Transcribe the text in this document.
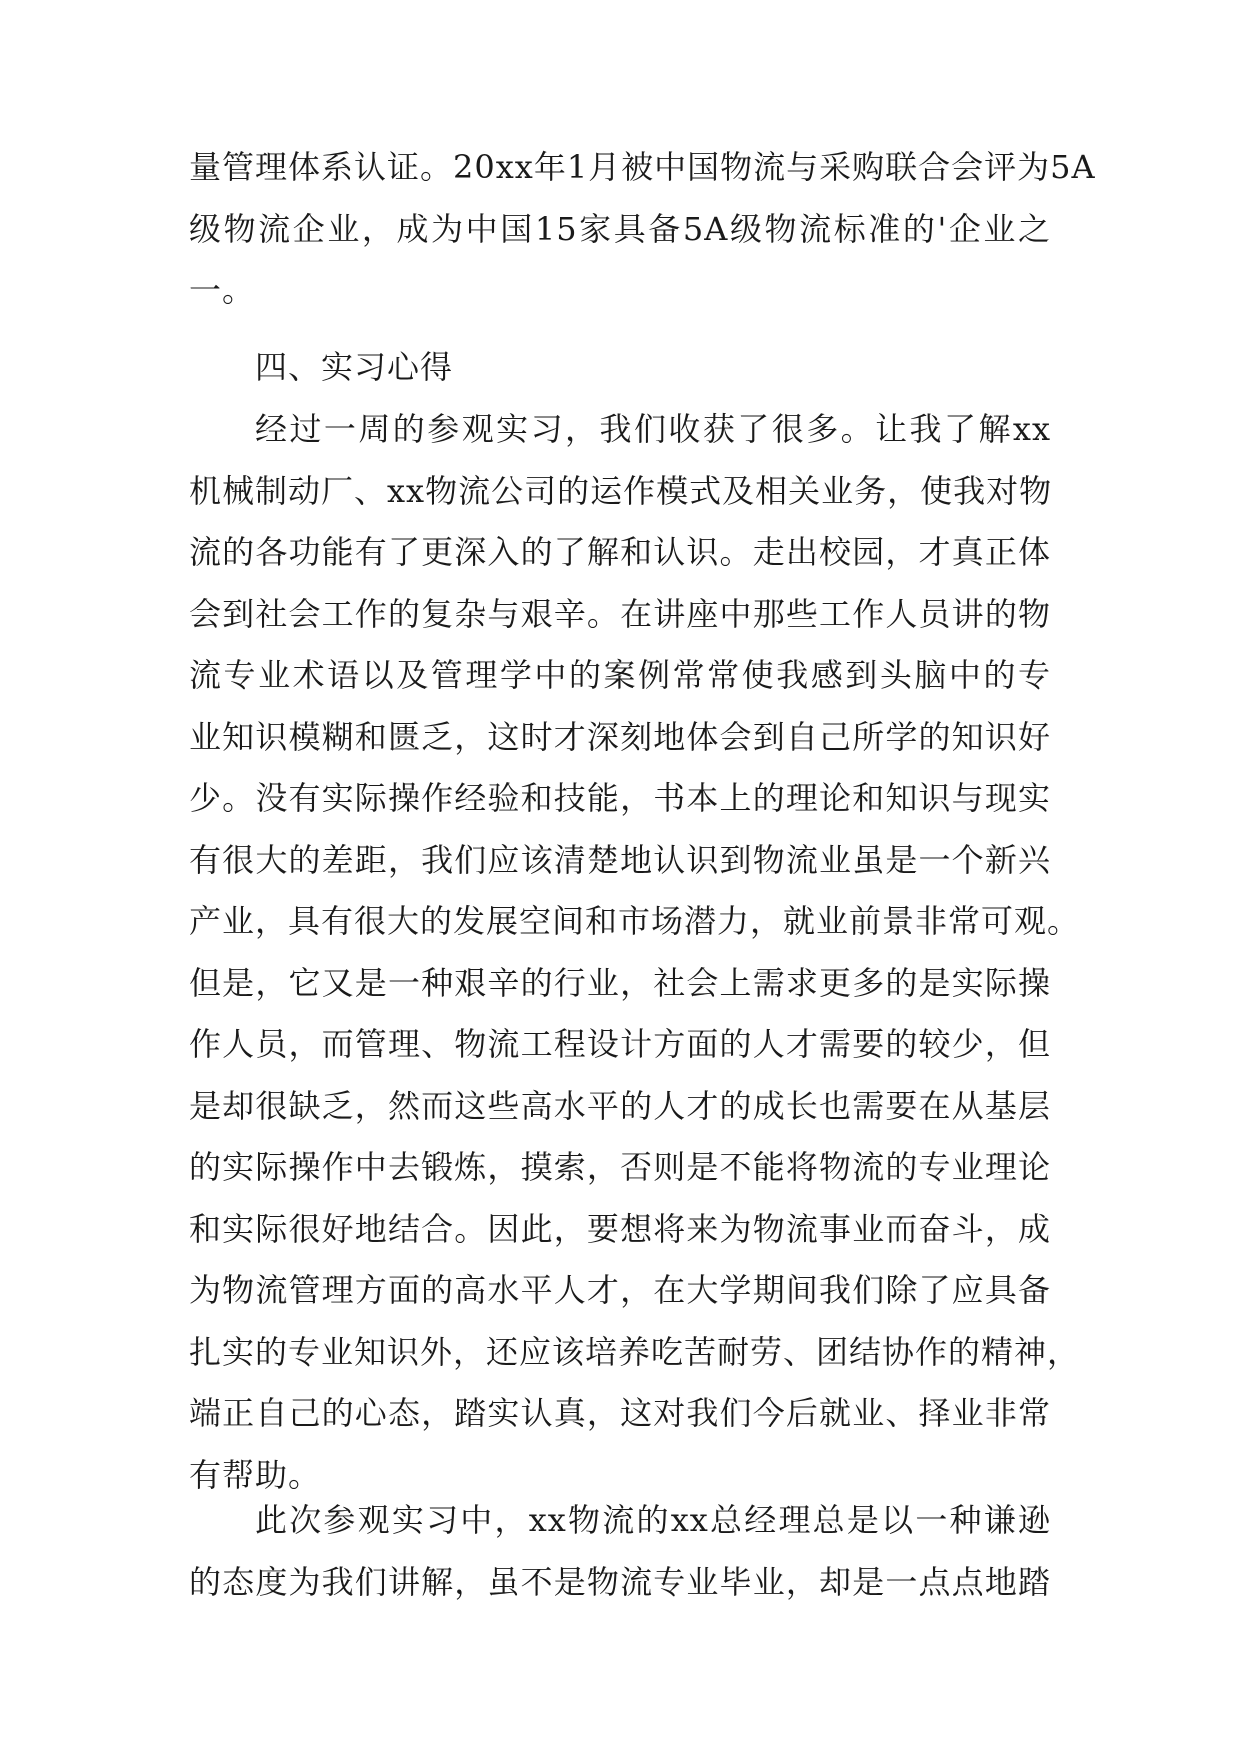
量管理体系认证。20xx年1月被中国物流与采购联合会评为5A
级物流企业，成为中国15家具备5A级物流标准的'企业之
一。
四、实习心得
经过一周的参观实习，我们收获了很多。让我了解xx
机械制动厂、xx物流公司的运作模式及相关业务，使我对物
流的各功能有了更深入的了解和认识。走出校园，才真正体
会到社会工作的复杂与艰辛。在讲座中那些工作人员讲的物
流专业术语以及管理学中的案例常常使我感到头脑中的专
业知识模糊和匮乏，这时才深刻地体会到自己所学的知识好
少。没有实际操作经验和技能，书本上的理论和知识与现实
有很大的差距，我们应该清楚地认识到物流业虽是一个新兴
产业，具有很大的发展空间和市场潜力，就业前景非常可观。
但是，它又是一种艰辛的行业，社会上需求更多的是实际操
作人员，而管理、物流工程设计方面的人才需要的较少，但
是却很缺乏，然而这些高水平的人才的成长也需要在从基层
的实际操作中去锻炼，摸索，否则是不能将物流的专业理论
和实际很好地结合。因此，要想将来为物流事业而奋斗，成
为物流管理方面的高水平人才，在大学期间我们除了应具备
扎实的专业知识外，还应该培养吃苦耐劳、团结协作的精神，
端正自己的心态，踏实认真，这对我们今后就业、择业非常
有帮助。
此次参观实习中，xx物流的xx总经理总是以一种谦逊
的态度为我们讲解，虽不是物流专业毕业，却是一点点地踏
